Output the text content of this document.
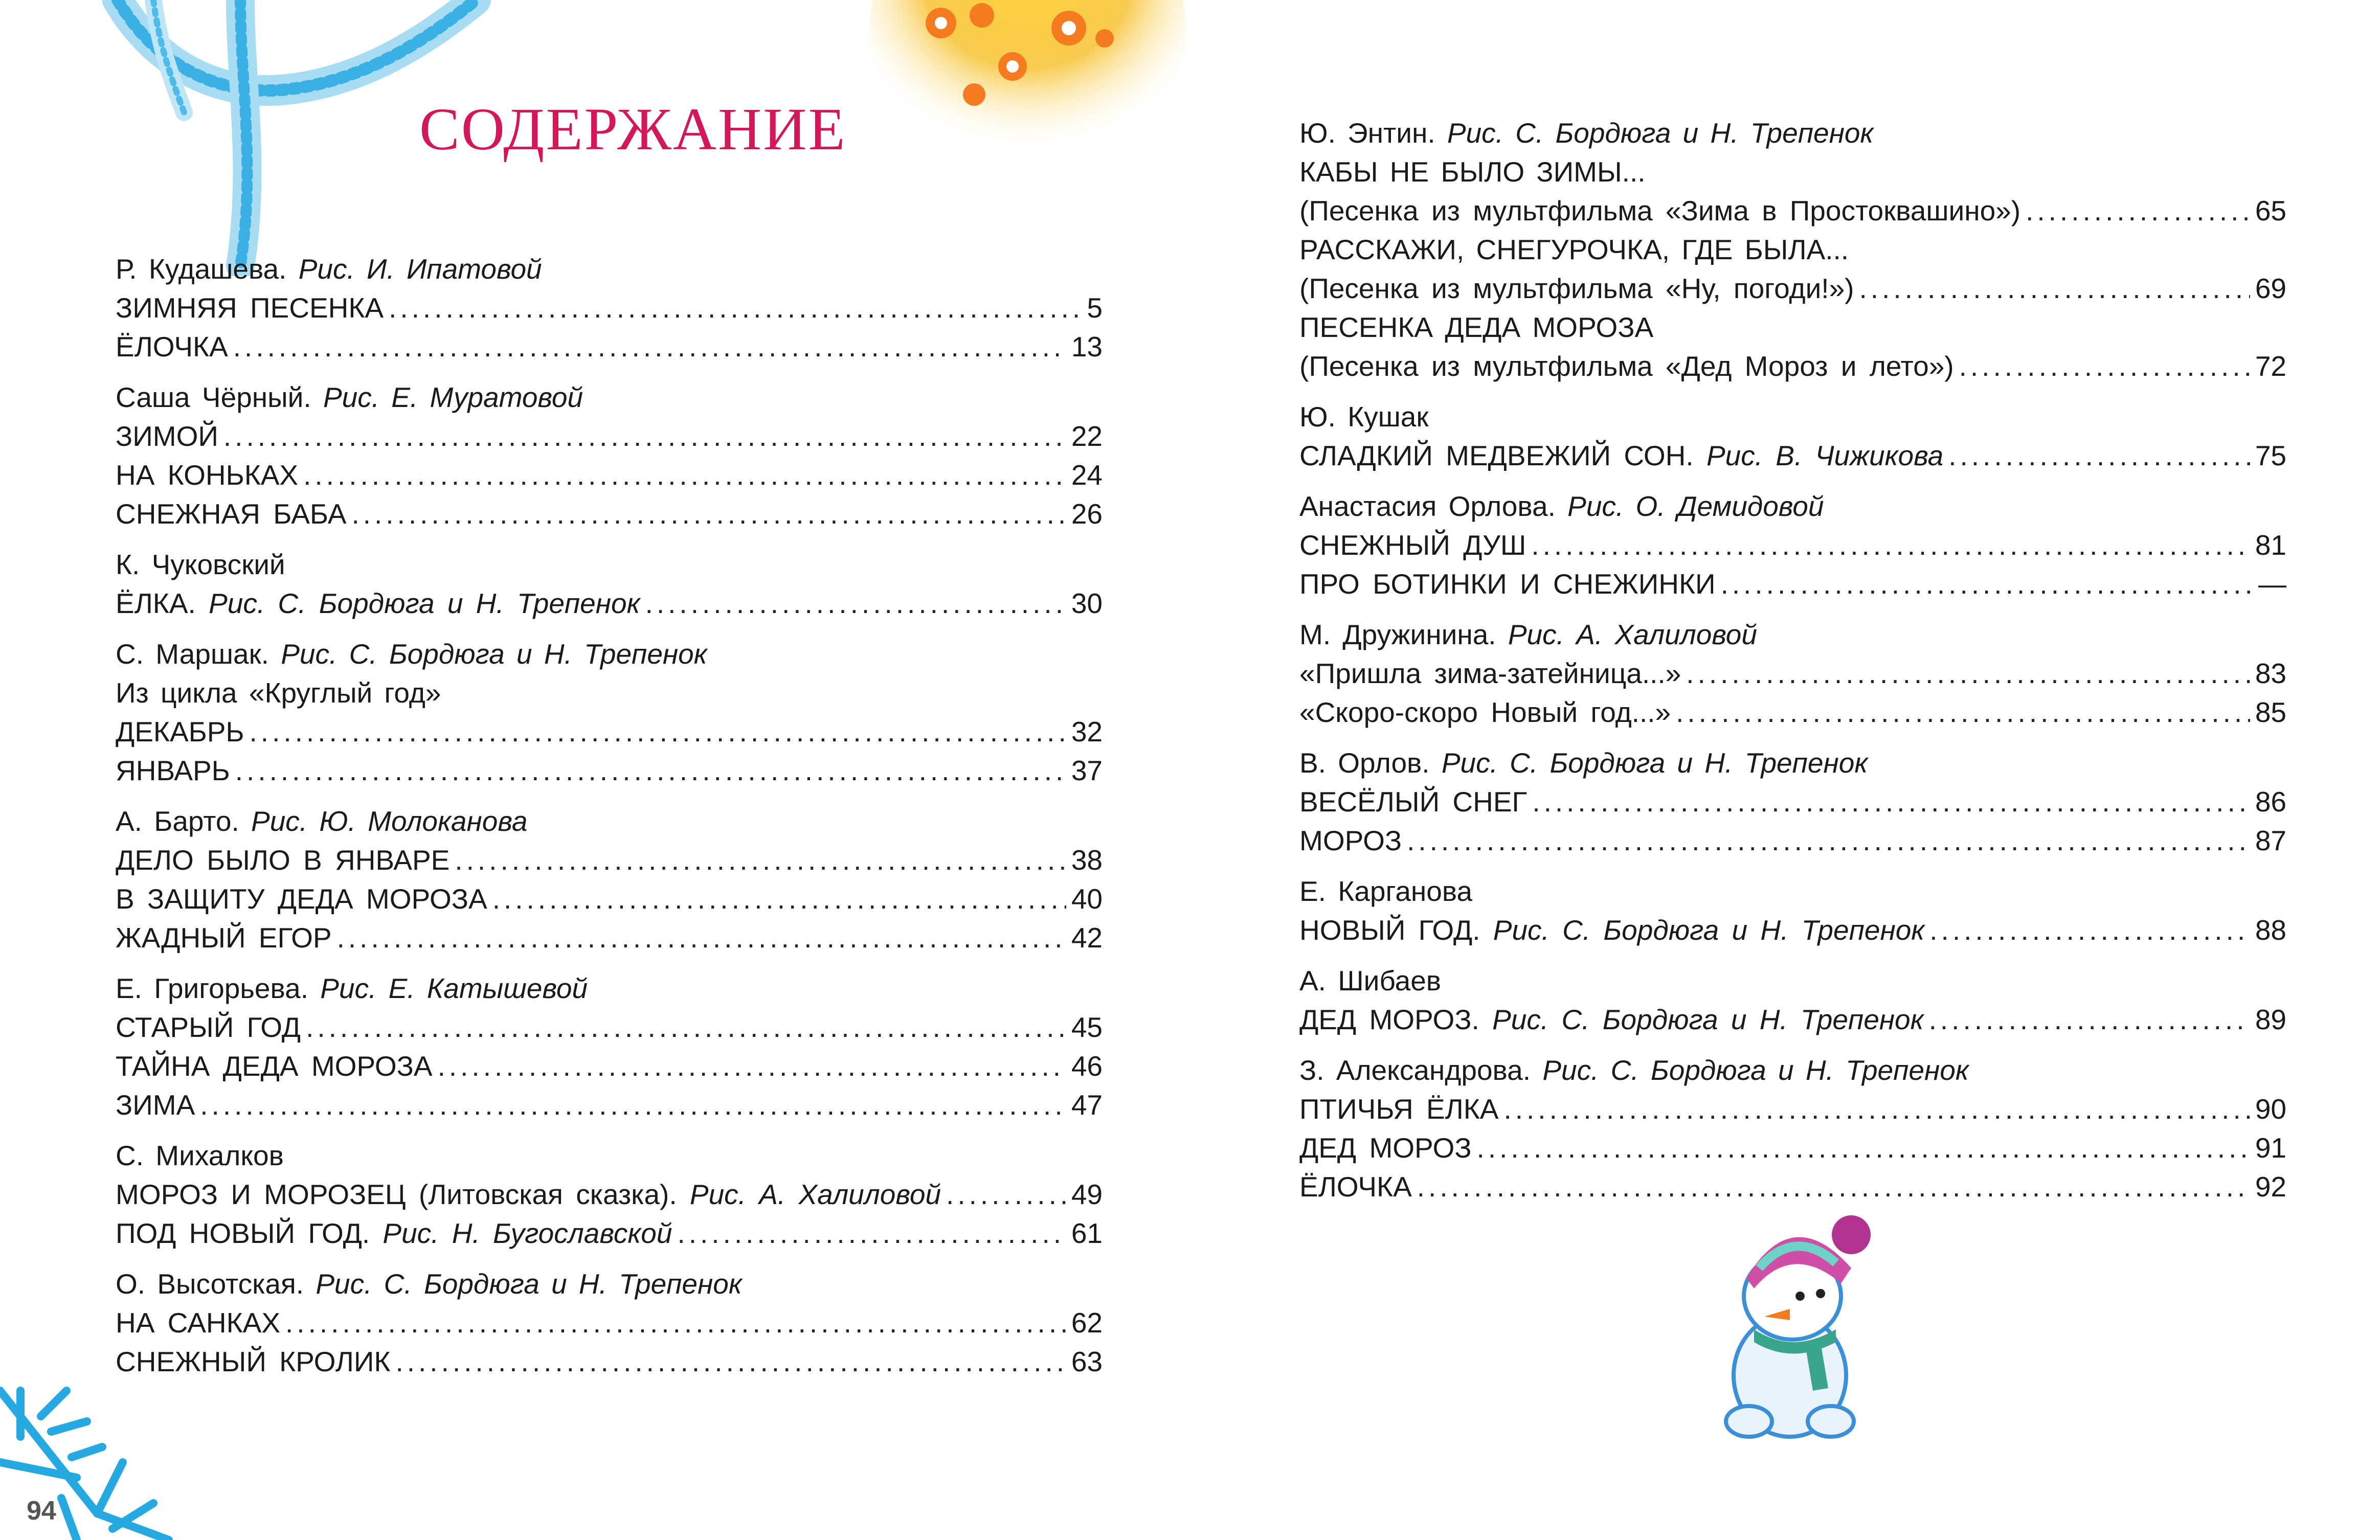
СОДЕРЖАНИЕ
Р. Кудашева. Рис. И. Ипатовой
ЗИМНЯЯ ПЕСЕНКА .....	5
ЁЛОЧКА .....	13
Саша Чёрный. Рис. Е. Муратовой
ЗИМОЙ .....	22
НА КОНЬКАХ .....	24
СНЕЖНАЯ БАБА .....	26
К. Чуковский
ЁЛКА. Рис. С. Бордюга и Н. Трепенок .....	30
С. Маршак. Рис. С. Бордюга и Н. Трепенок
Из цикла «Круглый год»
ДЕКАБРЬ .....	32
ЯНВАРЬ .....	37
А. Барто. Рис. Ю. Молоканова
ДЕЛО БЫЛО В ЯНВАРЕ .....	38
В ЗАЩИТУ ДЕДА МОРОЗА .....	40
ЖАДНЫЙ ЕГОР .....	42
Е. Григорьева. Рис. Е. Катышевой
СТАРЫЙ ГОД .....	45
ТАЙНА ДЕДА МОРОЗА .....	46
ЗИМА .....	47
С. Михалков
МОРОЗ И МОРОЗЕЦ (Литовская сказка). Рис. А. Халиловой .....	49
ПОД НОВЫЙ ГОД. Рис. Н. Бугославской .....	61
О. Высотская. Рис. С. Бордюга и Н. Трепенок
НА САНКАХ .....	62
СНЕЖНЫЙ КРОЛИК .....	63
Ю. Энтин. Рис. С. Бордюга и Н. Трепенок
КАБЫ НЕ БЫЛО ЗИМЫ...
(Песенка из мультфильма «Зима в Простоквашино») .....	65
РАССКАЖИ, СНЕГУРОЧКА, ГДЕ БЫЛА...
(Песенка из мультфильма «Ну, погоди!») .....	69
ПЕСЕНКА ДЕДА МОРОЗА
(Песенка из мультфильма «Дед Мороз и лето») .....	72
Ю. Кушак
СЛАДКИЙ МЕДВЕЖИЙ СОН. Рис. В. Чижикова .....	75
Анастасия Орлова. Рис. О. Демидовой
СНЕЖНЫЙ ДУШ .....	81
ПРО БОТИНКИ И СНЕЖИНКИ .....	—
М. Дружинина. Рис. А. Халиловой
«Пришла зима-затейница...» .....	83
«Скоро-скоро Новый год...» .....	85
В. Орлов. Рис. С. Бордюга и Н. Трепенок
ВЕСЁЛЫЙ СНЕГ .....	86
МОРОЗ .....	87
Е. Карганова
НОВЫЙ ГОД. Рис. С. Бордюга и Н. Трепенок .....	88
А. Шибаев
ДЕД МОРОЗ. Рис. С. Бордюга и Н. Трепенок .....	89
З. Александрова. Рис. С. Бордюга и Н. Трепенок
ПТИЧЬЯ ЁЛКА .....	90
ДЕД МОРОЗ .....	91
ЁЛОЧКА .....	92
94
